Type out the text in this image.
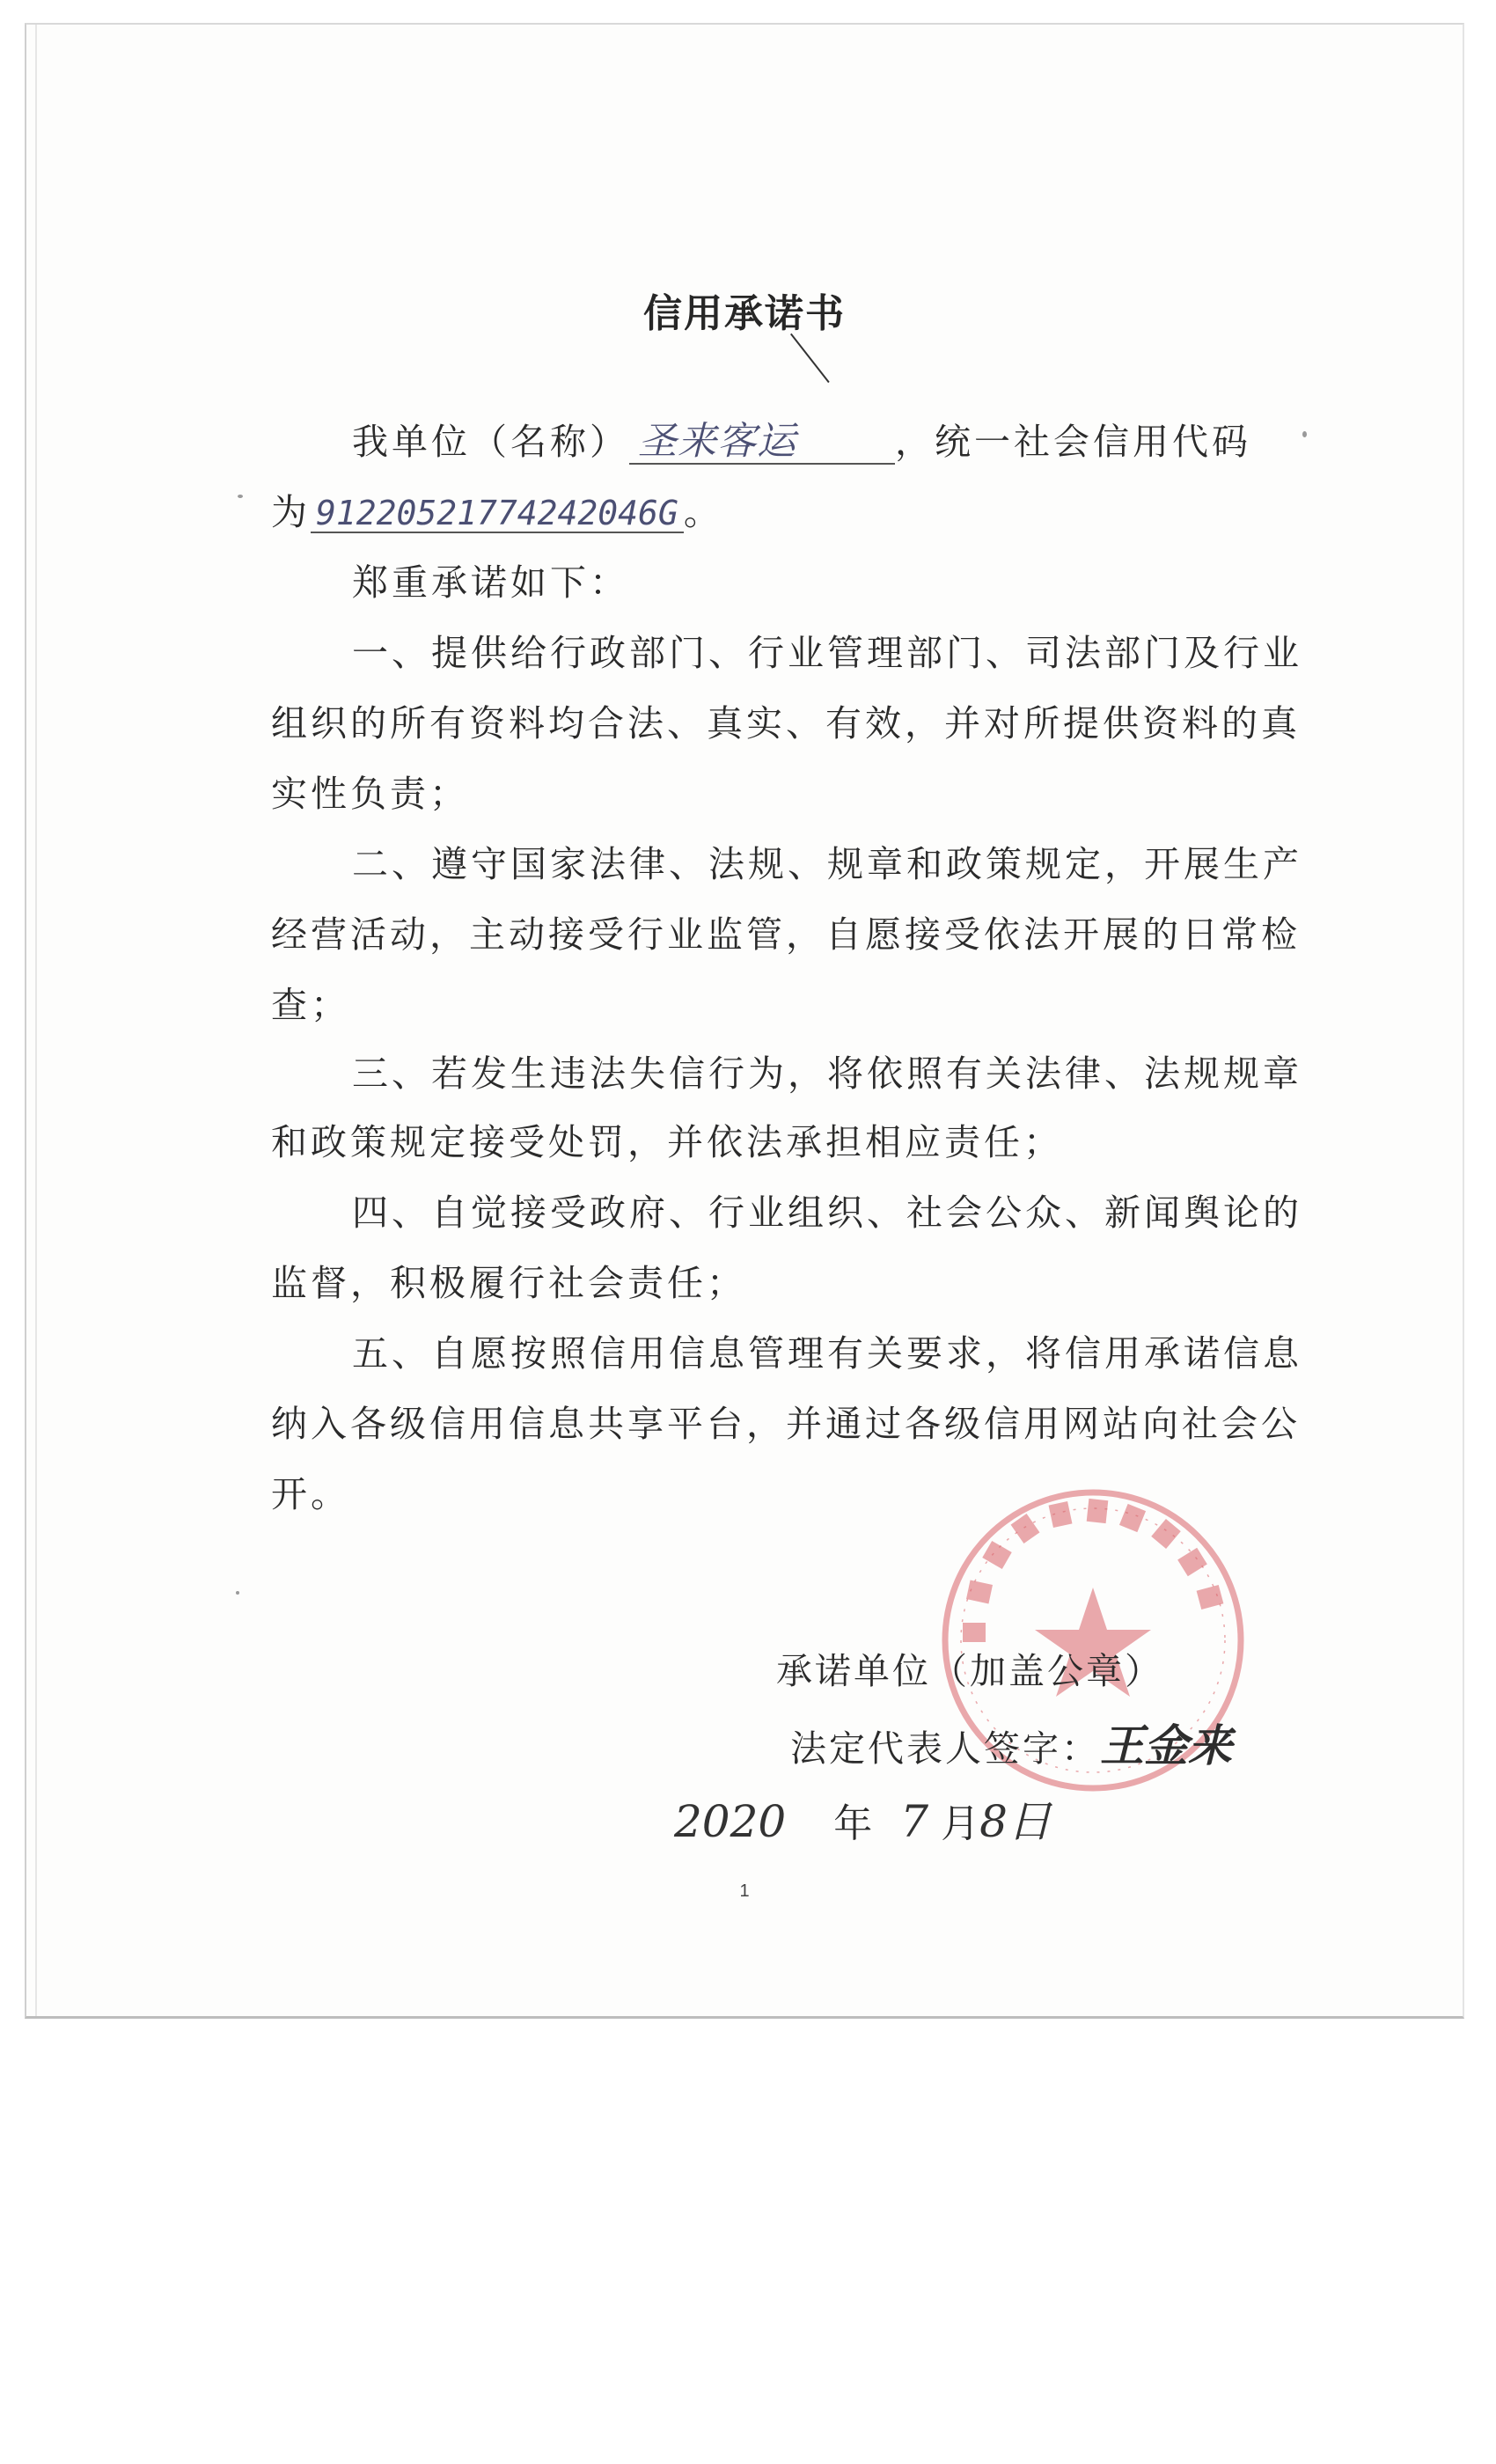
信用承诺书
我单位（名称） 圣来客运	，统一社会信用代码
为 91220521774242046G 。
郑重承诺如下：
一、提供给行政部门、行业管理部门、司法部门及行业
组织的所有资料均合法、真实、有效，并对所提供资料的真
实性负责；
二、遵守国家法律、法规、规章和政策规定，开展生产
经营活动，主动接受行业监管，自愿接受依法开展的日常检
查；
三、若发生违法失信行为，将依照有关法律、法规规章
和政策规定接受处罚，并依法承担相应责任；
四、自觉接受政府、行业组织、社会公众、新闻舆论的
监督，积极履行社会责任；
五、自愿按照信用信息管理有关要求，将信用承诺信息
纳入各级信用信息共享平台，并通过各级信用网站向社会公
开。
承诺单位（加盖公章）
法定代表人签字：王金来
2020 年 7 月8日
1
